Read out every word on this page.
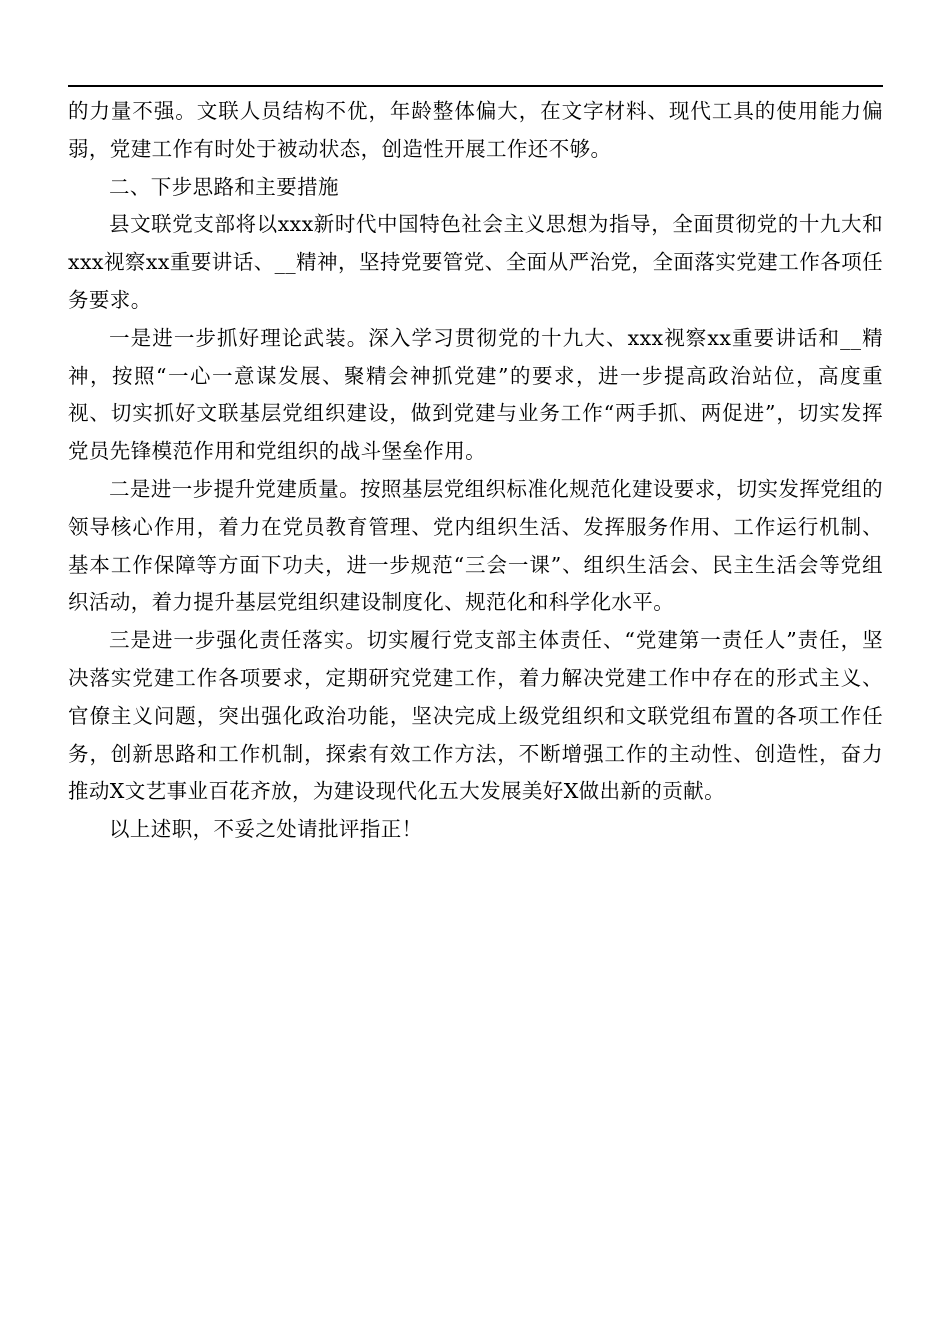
的力量不强。文联人员结构不优，年龄整体偏大，在文字材料、现代工具的使用能力偏弱，党建工作有时处于被动状态，创造性开展工作还不够。

二、下步思路和主要措施

县文联党支部将以xxx新时代中国特色社会主义思想为指导，全面贯彻党的十九大和xxx视察xx重要讲话、__精神，坚持党要管党、全面从严治党，全面落实党建工作各项任务要求。

一是进一步抓好理论武装。深入学习贯彻党的十九大、xxx视察xx重要讲话和__精神，按照“一心一意谋发展、聚精会神抓党建”的要求，进一步提高政治站位，高度重视、切实抓好文联基层党组织建设，做到党建与业务工作“两手抓、两促进”，切实发挥党员先锋模范作用和党组织的战斗堡垒作用。

二是进一步提升党建质量。按照基层党组织标准化规范化建设要求，切实发挥党组的领导核心作用，着力在党员教育管理、党内组织生活、发挥服务作用、工作运行机制、基本工作保障等方面下功夫，进一步规范“三会一课”、组织生活会、民主生活会等党组织活动，着力提升基层党组织建设制度化、规范化和科学化水平。

三是进一步强化责任落实。切实履行党支部主体责任、“党建第一责任人”责任，坚决落实党建工作各项要求，定期研究党建工作，着力解决党建工作中存在的形式主义、官僚主义问题，突出强化政治功能，坚决完成上级党组织和文联党组布置的各项工作任务，创新思路和工作机制，探索有效工作方法，不断增强工作的主动性、创造性，奋力推动X文艺事业百花齐放，为建设现代化五大发展美好X做出新的贡献。

以上述职，不妥之处请批评指正！
